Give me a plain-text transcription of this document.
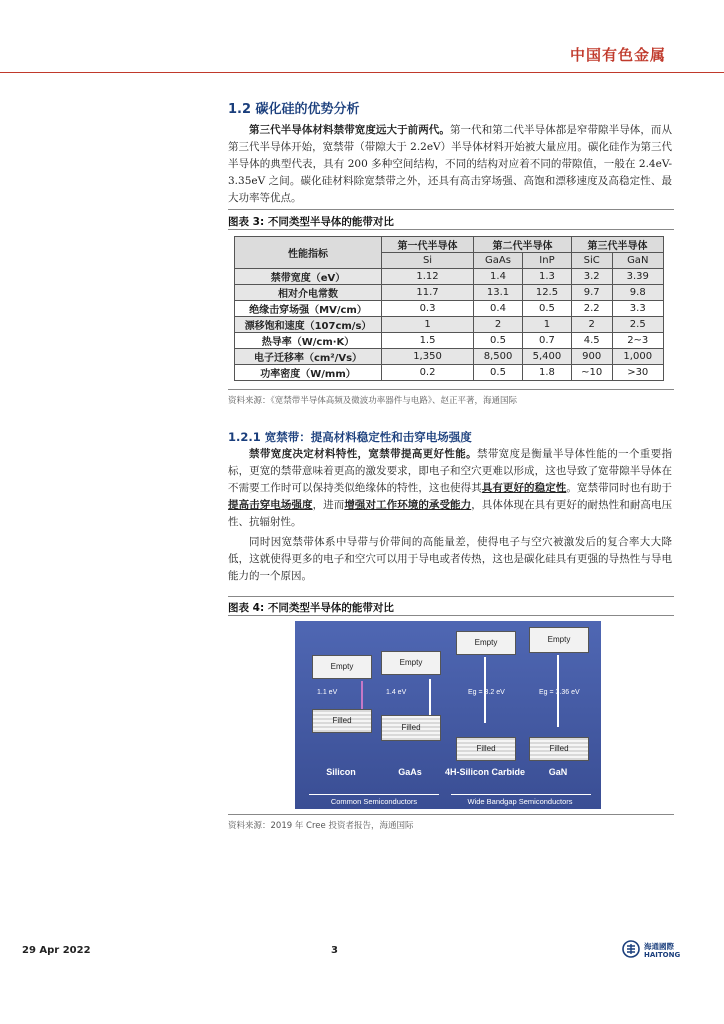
中国有色金属
1.2 碳化硅的优势分析
第三代半导体材料禁带宽度远大于前两代。第一代和第二代半导体都是窄带隙半导体，而从第三代半导体开始，宽禁带（带隙大于 2.2eV）半导体材料开始被大量应用。碳化硅作为第三代半导体的典型代表，具有 200 多种空间结构，不同的结构对应着不同的带隙值，一般在 2.4eV-3.35eV 之间。碳化硅材料除宽禁带之外，还具有高击穿场强、高饱和漂移速度及高稳定性、最大功率等优点。
图表 3: 不同类型半导体的能带对比
性能指标	第一代半导体	第二代半导体		第三代半导体	
	Si	GaAs	InP	SiC	GaN
禁带宽度（eV）	1.12	1.4	1.3	3.2	3.39
相对介电常数	11.7	13.1	12.5	9.7	9.8
绝缘击穿场强（MV/cm）	0.3	0.4	0.5	2.2	3.3
漂移饱和速度（107cm/s）	1	2	1	2	2.5
热导率（W/cm·K）	1.5	0.5	0.7	4.5	2~3
电子迁移率（cm²/Vs）	1,350	8,500	5,400	900	1,000
功率密度（W/mm）	0.2	0.5	1.8	~10	>30
资料来源：《宽禁带半导体高频及微波功率器件与电路》、赵正平著，海通国际
1.2.1 宽禁带：提高材料稳定性和击穿电场强度
禁带宽度决定材料特性，宽禁带提高更好性能。禁带宽度是衡量半导体性能的一个重要指标，更宽的禁带意味着更高的激发要求，即电子和空穴更难以形成，这也导致了宽带隙半导体在不需要工作时可以保持类似绝缘体的特性，这也使得其具有更好的稳定性。宽禁带同时也有助于提高击穿电场强度，进而增强对工作环境的承受能力，具体体现在具有更好的耐热性和耐高电压性、抗辐射性。
同时因宽禁带体系中导带与价带间的高能量差，使得电子与空穴被激发后的复合率大大降低，这就使得更多的电子和空穴可以用于导电或者传热，这也是碳化硅具有更强的导热性与导电能力的一个原因。
图表 4: 不同类型半导体的能带对比
Empty
1.1 eV
Filled
Silicon
Empty
1.4 eV
Filled
GaAs
Empty
Eg = 3.2 eV
Filled
4H-Silicon Carbide
Empty
Eg = 3.36 eV
Filled
GaN
Common Semiconductors	Wide Bandgap Semiconductors
资料来源：2019 年 Cree 投资者报告，海通国际
29 Apr 2022	3	海通國際
HAITONG
